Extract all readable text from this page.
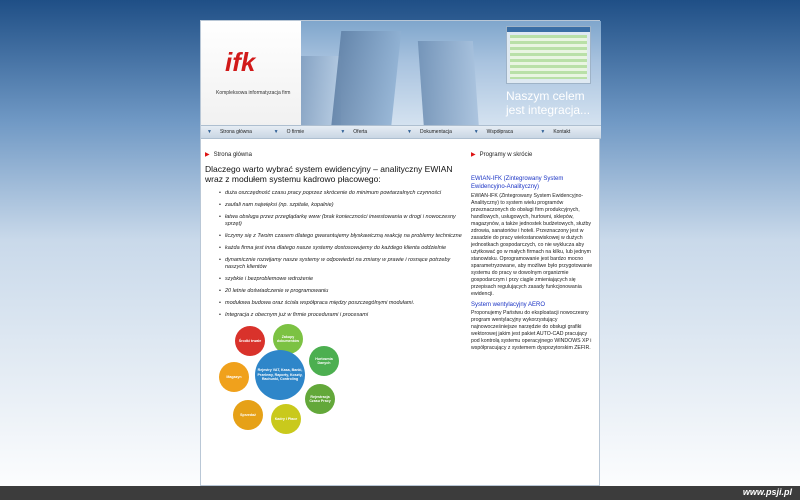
ifk
Kompleksowa informatyzacja firm	Naszym celem
jest integracja...
▼ Strona główna	▼ O firmie	▼ Oferta	▼ Dokumentacja	▼ Współpraca	▼ Kontakt
▶ Strona główna
Dlaczego warto wybrać system ewidencyjny – analityczny EWIAN wraz z modułem systemu kadrowo płacowego:
• duża oszczędność czasu pracy poprzez skrócenie do minimum powtarzalnych czynności
• zaufali nam najwięksi (np. szpitale, kopalnie)
• łatwa obsługa przez przeglądarkę www (brak konieczności inwestowania w drogi i nowoczesny sprzęt)
• liczymy się z Twoim czasem dlatego gwarantujemy błyskawiczną reakcję na problemy techniczne
• każda firma jest inna dlatego nasze systemy dostosowujemy do każdego klienta oddzielnie
• dynamicznie rozwijamy nasze systemy w odpowiedzi na zmiany w prawie i rosnące potrzeby naszych klientów
• szybkie i bezproblemowe wdrożenie
• 20 letnie doświadczenie w programowaniu
• modułowa budowa oraz ścisła współpraca między poszczególnymi modułami.
• Integracja z obecnym już w firmie procedurami i procesami
Środki trwałe
Zakupy dokumentów
Hurtownia Danych
Magazyn
Rejestry VAT, Kasa, Banki, Przelewy, Raporty, Koszty, Rachunki, Controling
Sprzedaż
Kadry i Płace
Rejestracja Czasu Pracy
▶ Programy w skrócie
EWIAN-IFK (Zintegrowany System Ewidencyjno-Analityczny)
EWIAN-IFK (Zintegrowany System Ewidencyjno-Analityczny) to system wielu programów przeznaczonych do obsługi firm produkcyjnych, handlowych, usługowych, hurtowni, sklepów, magazynów, a także jednostek budżetowych, służby zdrowia, sanatoriów i hoteli. Przeznaczony jest w zasadzie do pracy wielostanowiskowej w dużych jednostkach gospodarczych, co nie wyklucza aby użytkować go w małych firmach na kilku, lub jednym stanowisku. Oprogramowanie jest bardzo mocno sparametryzowane, aby możliwe było przygotowanie systemu do pracy w dowolnym organizmie gospodarczym i przy ciągle zmieniających się przepisach regulujących zasady funkcjonowania ewidencji.
System wentylacyjny AERO
Proponujemy Państwu do eksploatacji nowoczesny program wentylacyjny wykorzystujący najnowocześniejsze narzędzie do obsługi grafiki wektorowej jakim jest pakiet AUTO-CAD pracujący pod kontrolą systemu operacyjnego WINDOWS XP i współpracujący z systemem dyspozytorskim ZEFIR.
www.psji.pl
